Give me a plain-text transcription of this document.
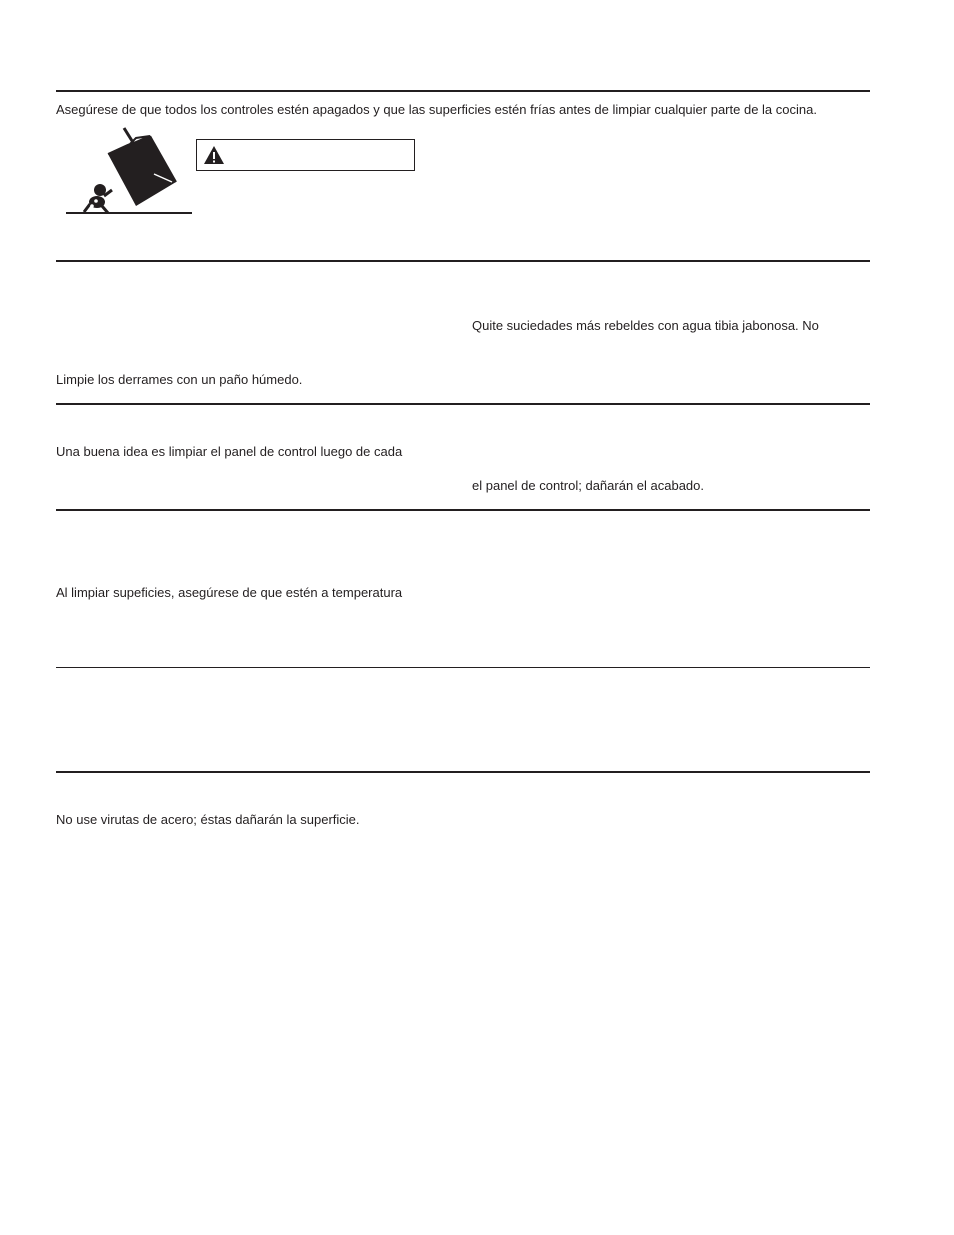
Asegúrese de que todos los controles estén apagados y que las superficies estén frías antes de limpiar cualquier parte de la cocina.
Quite suciedades más rebeldes con agua tibia jabonosa. No
Limpie los derrames con un paño húmedo.
Una buena idea es limpiar el panel de control luego de cada
el panel de control; dañarán el acabado.
Al limpiar supeficies, asegúrese de que estén a temperatura
No use virutas de acero; éstas dañarán la superficie.
